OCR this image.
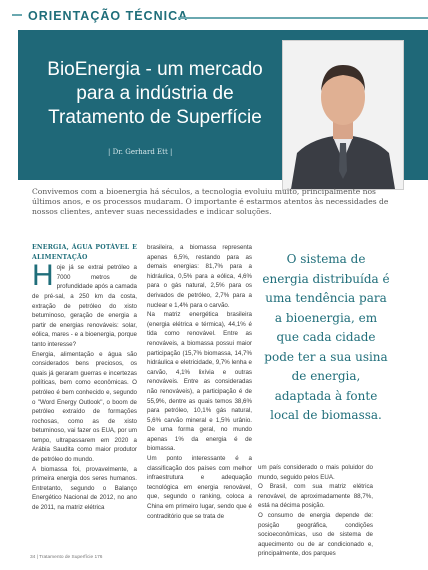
ORIENTAÇÃO TÉCNICA
BioEnergia - um mercado para a indústria de Tratamento de Superfície
| Dr. Gerhard Ett |
Convivemos com a bioenergia há séculos, a tecnologia evoluiu muito, principalmente nos últimos anos, e os processos mudaram. O importante é estarmos atentos às necessidades de nossos clientes, antever suas necessidades e indicar soluções.

ENERGIA, ÁGUA POTÁVEL E ALIMENTAÇÃO

Hoje já se extrai petróleo a 7000 metros de profundidade após a camada de pré-sal, a 250 km da costa, extração de petróleo do xisto betuminoso, geração de energia a partir de energias renováveis: solar, eólica, mares - e a bioenergia, porque tanto interesse?

Energia, alimentação e água são considerados bens preciosos, os quais já geraram guerras e incertezas políticas, bem como econômicas. O petróleo é bem conhecido e, segundo o "Word Energy Outlook", o boom de petróleo extraído de formações rochosas, como as de xisto betuminoso, vai fazer os EUA, por um tempo, ultrapassarem em 2020 a Arábia Saudita como maior produtor de petróleo do mundo.

A biomassa foi, provavelmente, a primeira energia dos seres humanos. Entretanto, segundo o Balanço Energético Nacional de 2012, no ano de 2011, na matriz elétrica

brasileira, a biomassa representa apenas 6,5%, restando para as demais energias: 81,7% para a hidráulica, 0,5% para a eólica, 4,6% para o gás natural, 2,5% para os derivados de petróleo, 2,7% para a nuclear e 1,4% para o carvão.

Na matriz energética brasileira (energia elétrica e térmica), 44,1% é tida como renovável. Entre as renováveis, a biomassa possui maior participação (15,7% biomassa, 14,7% hidráulica e eletricidade, 9,7% lenha e carvão, 4,1% lixívia e outras renováveis. Entre as consideradas não renováveis), a participação é de 55,9%, dentre as quais temos 38,6% para petróleo, 10,1% gás natural, 5,6% carvão mineral e 1,5% urânio. De uma forma geral, no mundo apenas 1% da energia é de biomassa.

Um ponto interessante é a classificação dos países com melhor infraestrutura e adequação tecnológica em energia renovável, que, segundo o ranking, coloca a China em primeiro lugar, sendo que é contraditório que se trata de

O sistema de energia distribuída é uma tendência para a bioenergia, em que cada cidade pode ter a sua usina de energia, adaptada à fonte local de biomassa.

um país considerado o mais poluidor do mundo, seguido pelos EUA.

O Brasil, com sua matriz elétrica renovável, de aproximadamente 88,7%, está na décima posição.

O consumo de energia depende de: posição geográfica, condições socioeconômicas, uso de sistema de aquecimento ou de ar condicionado e, principalmente, dos parques

34 | Tratamento de Superfície 176
